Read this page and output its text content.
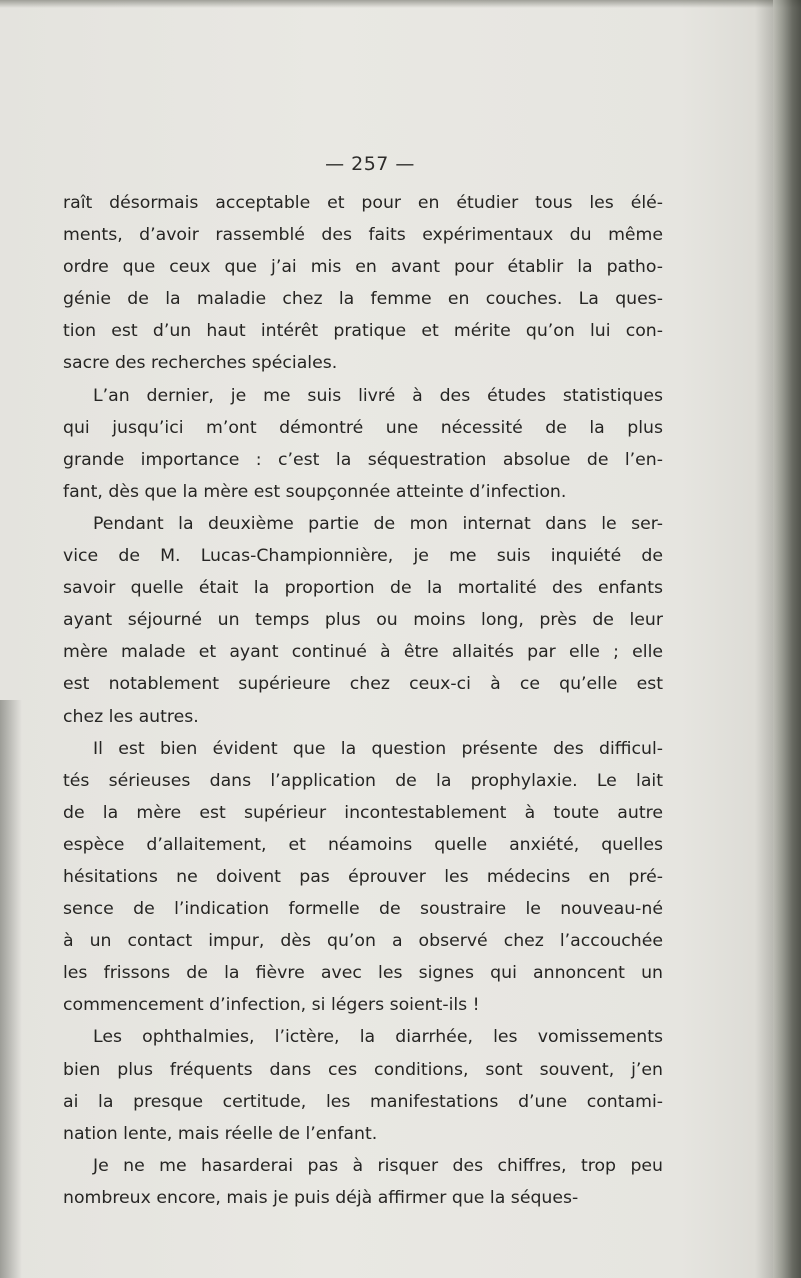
— 257 —

raît désormais acceptable et pour en étudier tous les élé-
ments, d’avoir rassemblé des faits expérimentaux du même
ordre que ceux que j’ai mis en avant pour établir la patho-
génie de la maladie chez la femme en couches. La ques-
tion est d’un haut intérêt pratique et mérite qu’on lui con-
sacre des recherches spéciales.

L’an dernier, je me suis livré à des études statistiques
qui jusqu’ici m’ont démontré une nécessité de la plus
grande importance : c’est la séquestration absolue de l’en-
fant, dès que la mère est soupçonnée atteinte d’infection.

Pendant la deuxième partie de mon internat dans le ser-
vice de M. Lucas-Championnière, je me suis inquiété de
savoir quelle était la proportion de la mortalité des enfants
ayant séjourné un temps plus ou moins long, près de leur
mère malade et ayant continué à être allaités par elle ; elle
est notablement supérieure chez ceux-ci à ce qu’elle est
chez les autres.

Il est bien évident que la question présente des difficul-
tés sérieuses dans l’application de la prophylaxie. Le lait
de la mère est supérieur incontestablement à toute autre
espèce d’allaitement, et néamoins quelle anxiété, quelles
hésitations ne doivent pas éprouver les médecins en pré-
sence de l’indication formelle de soustraire le nouveau-né
à un contact impur, dès qu’on a observé chez l’accouchée
les frissons de la fièvre avec les signes qui annoncent un
commencement d’infection, si légers soient-ils !

Les ophthalmies, l’ictère, la diarrhée, les vomissements
bien plus fréquents dans ces conditions, sont souvent, j’en
ai la presque certitude, les manifestations d’une contami-
nation lente, mais réelle de l’enfant.

Je ne me hasarderai pas à risquer des chiffres, trop peu
nombreux encore, mais je puis déjà affirmer que la séques-
